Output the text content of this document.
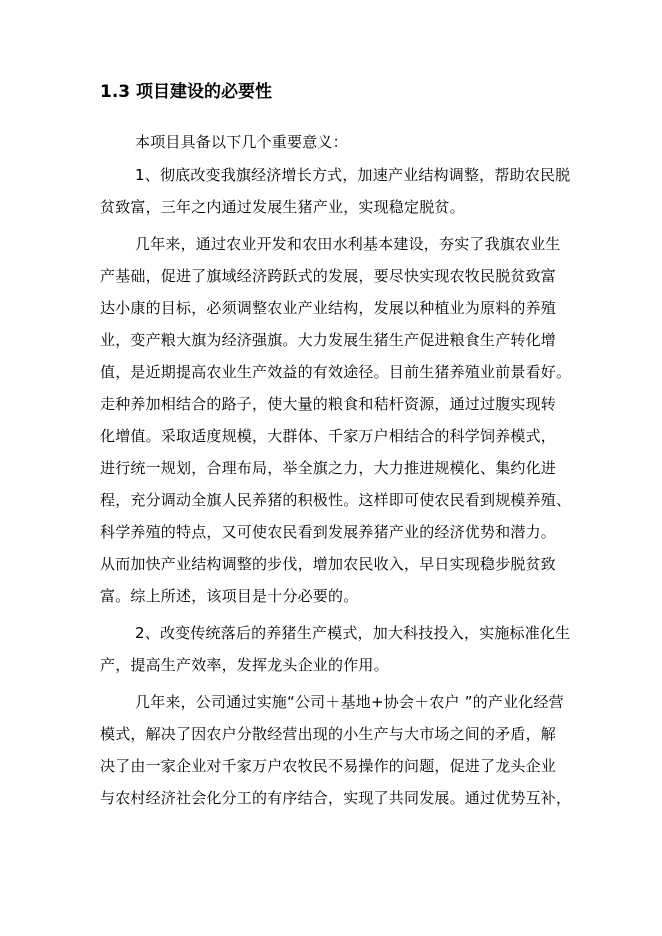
1.3 项目建设的必要性
本项目具备以下几个重要意义：
1、彻底改变我旗经济增长方式，加速产业结构调整，帮助农民脱
贫致富，三年之内通过发展生猪产业，实现稳定脱贫。
几年来，通过农业开发和农田水利基本建设，夯实了我旗农业生
产基础，促进了旗域经济跨跃式的发展，要尽快实现农牧民脱贫致富
达小康的目标，必须调整农业产业结构，发展以种植业为原料的养殖
业，变产粮大旗为经济强旗。大力发展生猪生产促进粮食生产转化增
值，是近期提高农业生产效益的有效途径。目前生猪养殖业前景看好。
走种养加相结合的路子，使大量的粮食和秸杆资源，通过过腹实现转
化增值。采取适度规模，大群体、千家万户相结合的科学饲养模式，
进行统一规划，合理布局，举全旗之力，大力推进规模化、集约化进
程，充分调动全旗人民养猪的积极性。这样即可使农民看到规模养殖、
科学养殖的特点，又可使农民看到发展养猪产业的经济优势和潜力。
从而加快产业结构调整的步伐，增加农民收入，早日实现稳步脱贫致
富。综上所述，该项目是十分必要的。
2、改变传统落后的养猪生产模式，加大科技投入，实施标准化生
产，提高生产效率，发挥龙头企业的作用。
几年来，公司通过实施“公司＋基地+协会＋农户 ”的产业化经营
模式，解决了因农户分散经营出现的小生产与大市场之间的矛盾，解
决了由一家企业对千家万户农牧民不易操作的问题，促进了龙头企业
与农村经济社会化分工的有序结合，实现了共同发展。通过优势互补，
